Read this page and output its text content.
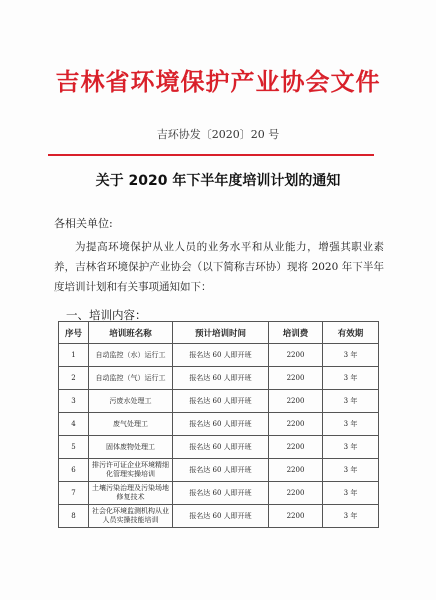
吉林省环境保护产业协会文件
吉环协发〔2020〕20 号
关于 2020 年下半年度培训计划的通知
各相关单位:
为提高环境保护从业人员的业务水平和从业能力，增强其职业素养，吉林省环境保护产业协会（以下简称吉环协）现将 2020 年下半年度培训计划和有关事项通知如下：
一、培训内容：
序号	培训班名称	预计培训时间	培训费	有效期
1	自动监控（水）运行工	报名达 60 人即开班	2200	3 年
2	自动监控（气）运行工	报名达 60 人即开班	2200	3 年
3	污废水处理工	报名达 60 人即开班	2200	3 年
4	废气处理工	报名达 60 人即开班	2200	3 年
5	固体废物处理工	报名达 60 人即开班	2200	3 年
6	排污许可证企业环境精细化管理实操培训	报名达 60 人即开班	2200	3 年
7	土壤污染治理及污染场地修复技术	报名达 60 人即开班	2200	3 年
8	社会化环境监测机构从业人员实操技能培训	报名达 60 人即开班	2200	3 年
